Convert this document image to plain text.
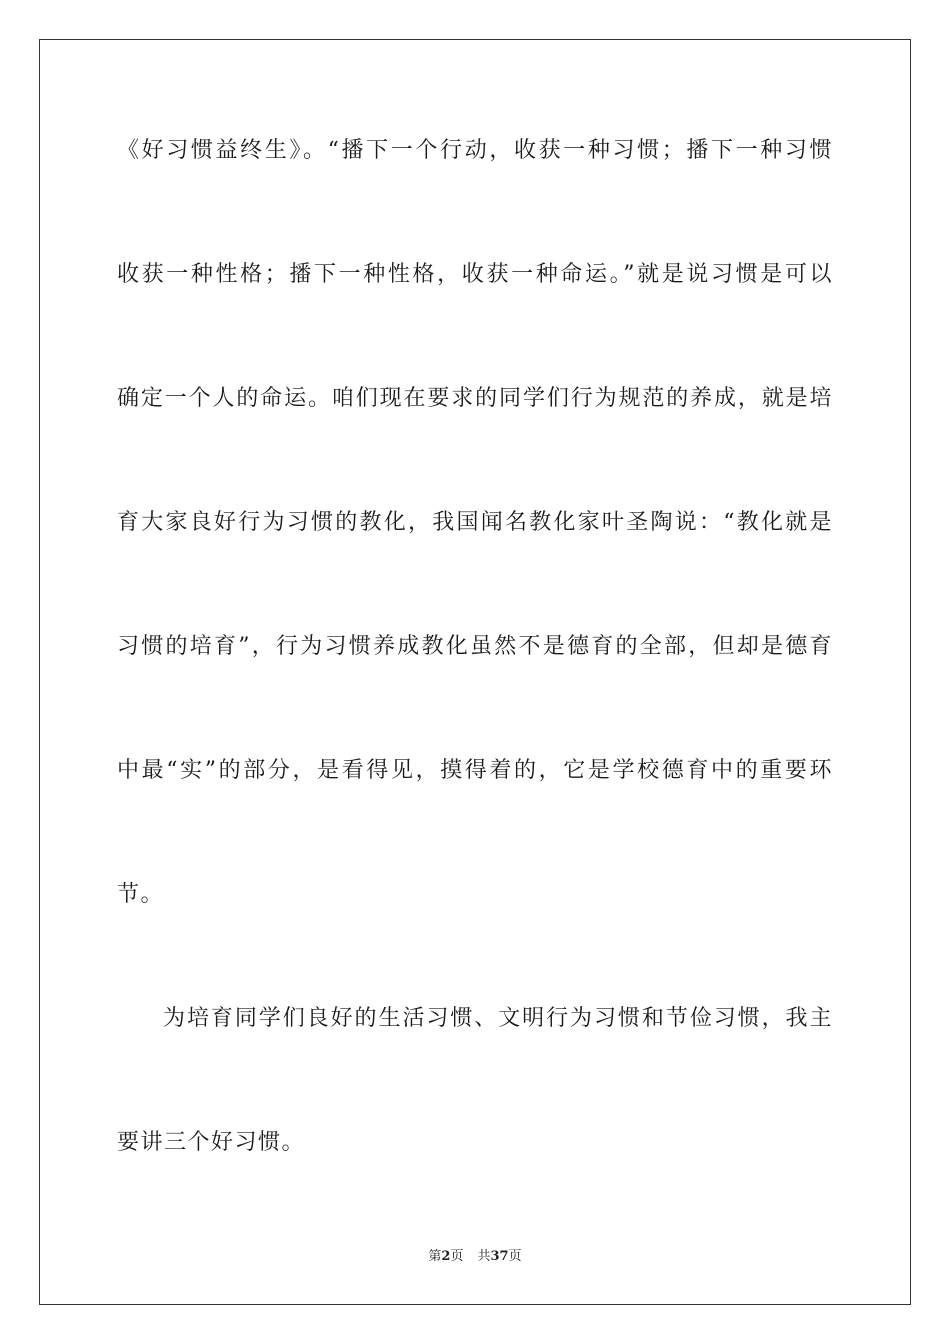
《好习惯益终生》。“播下一个行动，收获一种习惯；播下一种习惯
收获一种性格；播下一种性格，收获一种命运。”就是说习惯是可以
确定一个人的命运。咱们现在要求的同学们行为规范的养成，就是培
育大家良好行为习惯的教化，我国闻名教化家叶圣陶说：“教化就是
习惯的培育”，行为习惯养成教化虽然不是德育的全部，但却是德育
中最“实”的部分，是看得见，摸得着的，它是学校德育中的重要环
节。
为培育同学们良好的生活习惯、文明行为习惯和节俭习惯，我主
要讲三个好习惯。
第2页 共37页
